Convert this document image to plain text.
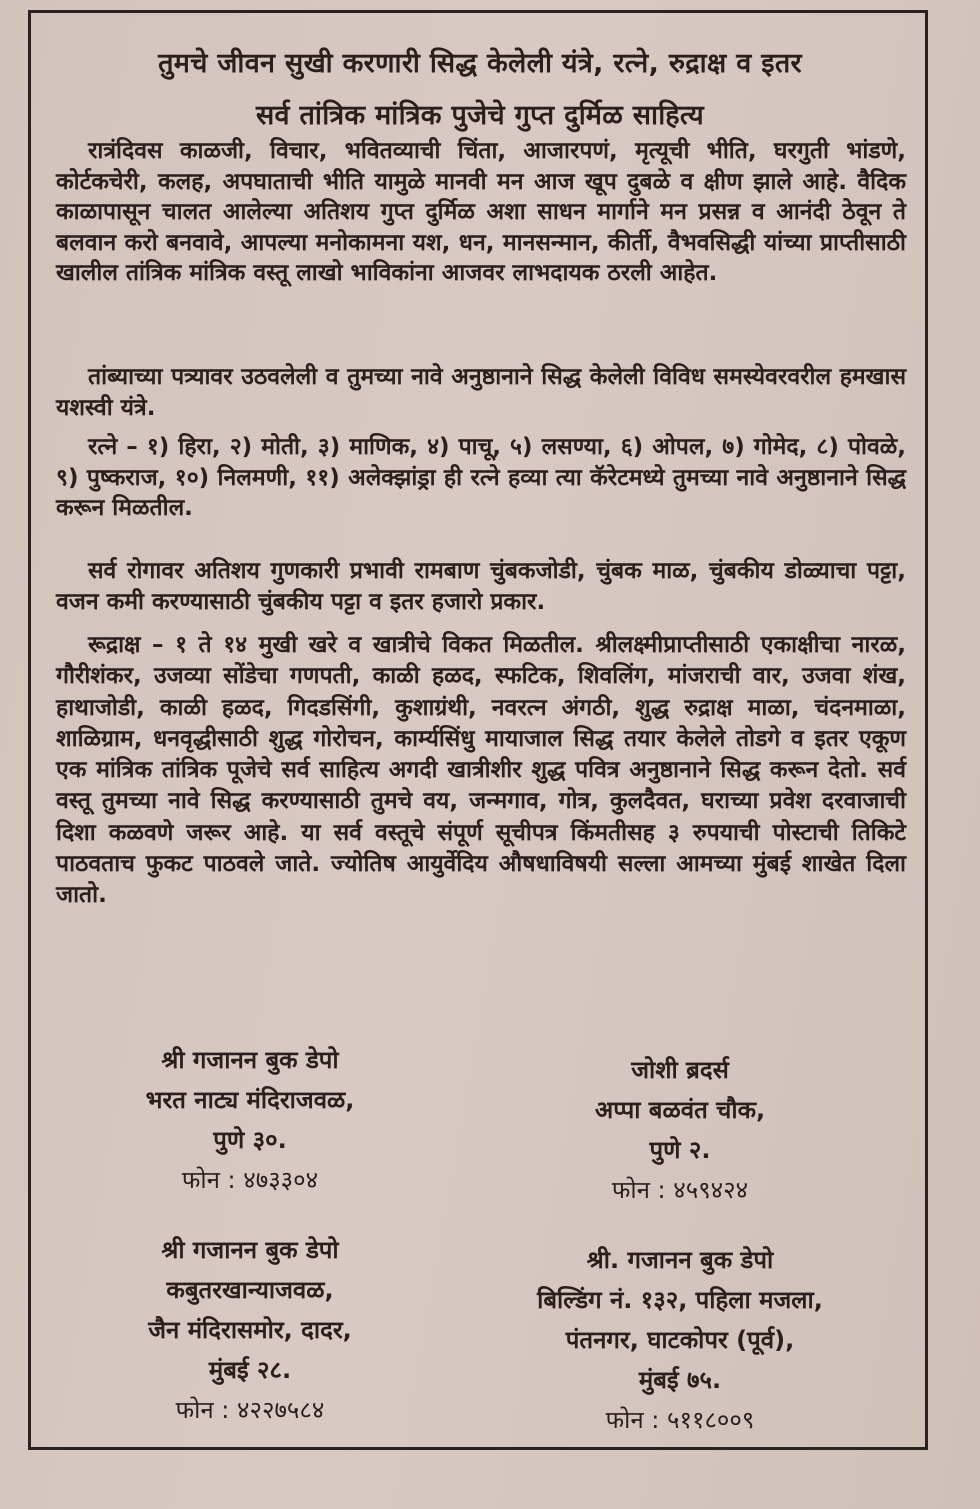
तुमचे जीवन सुखी करणारी सिद्ध केलेली यंत्रे, रत्ने, रुद्राक्ष व इतर
सर्व तांत्रिक मांत्रिक पुजेचे गुप्त दुर्मिळ साहित्य

रात्रंदिवस काळजी, विचार, भवितव्याची चिंता, आजारपणं, मृत्यूची भीति, घरगुती भांडणे, कोर्टकचेरी, कलह, अपघाताची भीति यामुळे मानवी मन आज खूप दुबळे व क्षीण झाले आहे. वैदिक काळापासून चालत आलेल्या अतिशय गुप्त दुर्मिळ अशा साधन मार्गाने मन प्रसन्न व आनंदी ठेवून ते बलवान करो बनवावे, आपल्या मनोकामना यश, धन, मानसन्मान, कीर्ती, वैभवसिद्धी यांच्या प्राप्तीसाठी खालील तांत्रिक मांत्रिक वस्तू लाखो भाविकांना आजवर लाभदायक ठरली आहेत.

तांब्याच्या पत्र्यावर उठवलेली व तुमच्या नावे अनुष्ठानाने सिद्ध केलेली विविध समस्येवरवरील हमखास यशस्वी यंत्रे.

रत्ने – १) हिरा, २) मोती, ३) माणिक, ४) पाचू, ५) लसण्या, ६) ओपल, ७) गोमेद, ८) पोवळे, ९) पुष्कराज, १०) निलमणी, ११) अलेक्झांड्रा ही रत्ने हव्या त्या कॅरेटमध्ये तुमच्या नावे अनुष्ठानाने सिद्ध करून मिळतील.

सर्व रोगावर अतिशय गुणकारी प्रभावी रामबाण चुंबकजोडी, चुंबक माळ, चुंबकीय डोळ्याचा पट्टा, वजन कमी करण्यासाठी चुंबकीय पट्टा व इतर हजारो प्रकार.

रूद्राक्ष – १ ते १४ मुखी खरे व खात्रीचे विकत मिळतील. श्रीलक्ष्मीप्राप्तीसाठी एकाक्षीचा नारळ, गौरीशंकर, उजव्या सोंडेचा गणपती, काळी हळद, स्फटिक, शिवलिंग, मांजराची वार, उजवा शंख, हाथाजोडी, काळी हळद, गिदडसिंगी, कुशाग्रंथी, नवरत्न अंगठी, शुद्ध रुद्राक्ष माळा, चंदनमाळा, शाळिग्राम, धनवृद्धीसाठी शुद्ध गोरोचन, कार्म्यसिंधु मायाजाल सिद्ध तयार केलेले तोडगे व इतर एकूण एक मांत्रिक तांत्रिक पूजेचे सर्व साहित्य अगदी खात्रीशीर शुद्ध पवित्र अनुष्ठानाने सिद्ध करून देतो. सर्व वस्तू तुमच्या नावे सिद्ध करण्यासाठी तुमचे वय, जन्मगाव, गोत्र, कुलदैवत, घराच्या प्रवेश दरवाजाची दिशा कळवणे जरूर आहे. या सर्व वस्तूचे संपूर्ण सूचीपत्र किंमतीसह ३ रुपयाची पोस्टाची तिकिटे पाठवताच फुकट पाठवले जाते. ज्योतिष आयुर्वेदिय औषधाविषयी सल्ला आमच्या मुंबई शाखेत दिला जातो.

श्री गजानन बुक डेपो
भरत नाट्य मंदिराजवळ,
पुणे ३०.
फोन : ४७३३०४
जोशी ब्रदर्स
अप्पा बळवंत चौक,
पुणे २.
फोन : ४५९४२४
श्री गजानन बुक डेपो
कबुतरखान्याजवळ,
जैन मंदिरासमोर, दादर,
मुंबई २८.
फोन : ४२२७५८४
श्री. गजानन बुक डेपो
बिल्डिंग नं. १३२, पहिला मजला,
पंतनगर, घाटकोपर (पूर्व),
मुंबई ७५.
फोन : ५११८००९
